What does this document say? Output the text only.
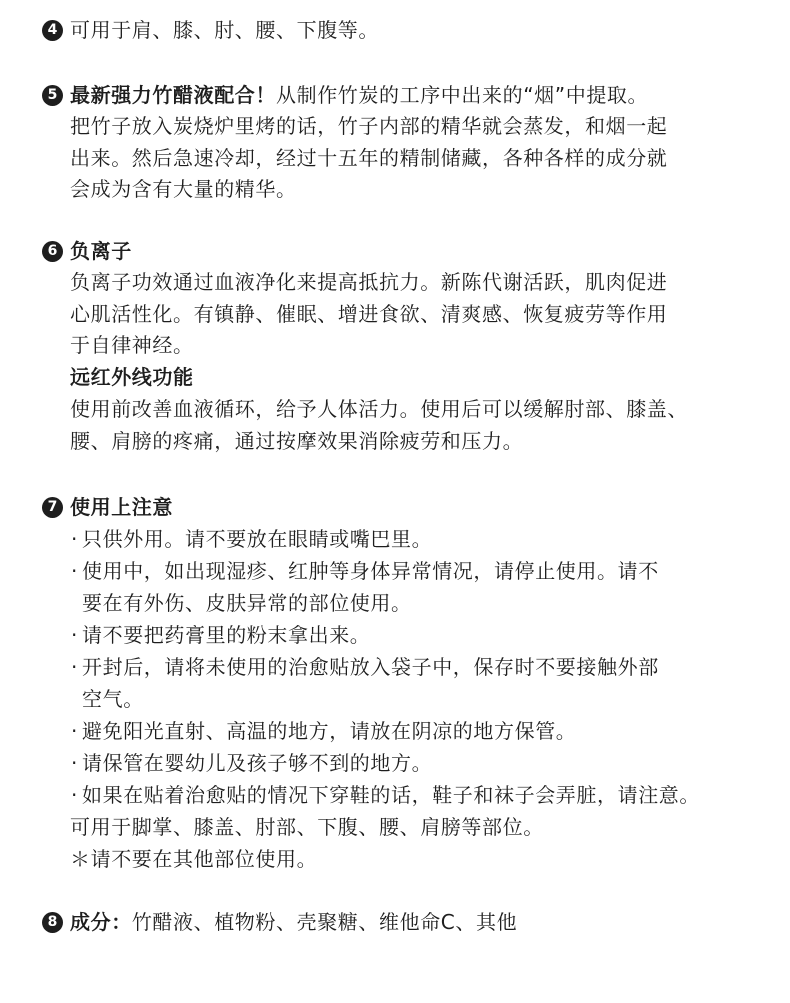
4 可用于肩、膝、肘、腰、下腹等。
5 最新强力竹醋液配合！从制作竹炭的工序中出来的“烟”中提取。
把竹子放入炭烧炉里烤的话，竹子内部的精华就会蒸发，和烟一起
出来。然后急速冷却，经过十五年的精制储藏，各种各样的成分就
会成为含有大量的精华。
6 负离子
负离子功效通过血液净化来提高抵抗力。新陈代谢活跃，肌肉促进
心肌活性化。有镇静、催眠、增进食欲、清爽感、恢复疲劳等作用
于自律神经。
远红外线功能
使用前改善血液循环，给予人体活力。使用后可以缓解肘部、膝盖、
腰、肩膀的疼痛，通过按摩效果消除疲劳和压力。
7 使用上注意
· 只供外用。请不要放在眼睛或嘴巴里。
· 使用中，如出现湿疹、红肿等身体异常情况，请停止使用。请不
要在有外伤、皮肤异常的部位使用。
· 请不要把药膏里的粉末拿出来。
· 开封后，请将未使用的治愈贴放入袋子中，保存时不要接触外部
空气。
· 避免阳光直射、高温的地方，请放在阴凉的地方保管。
· 请保管在婴幼儿及孩子够不到的地方。
· 如果在贴着治愈贴的情况下穿鞋的话，鞋子和袜子会弄脏，请注意。
可用于脚掌、膝盖、肘部、下腹、腰、肩膀等部位。
＊请不要在其他部位使用。
8 成分：竹醋液、植物粉、壳聚糖、维他命C、其他
